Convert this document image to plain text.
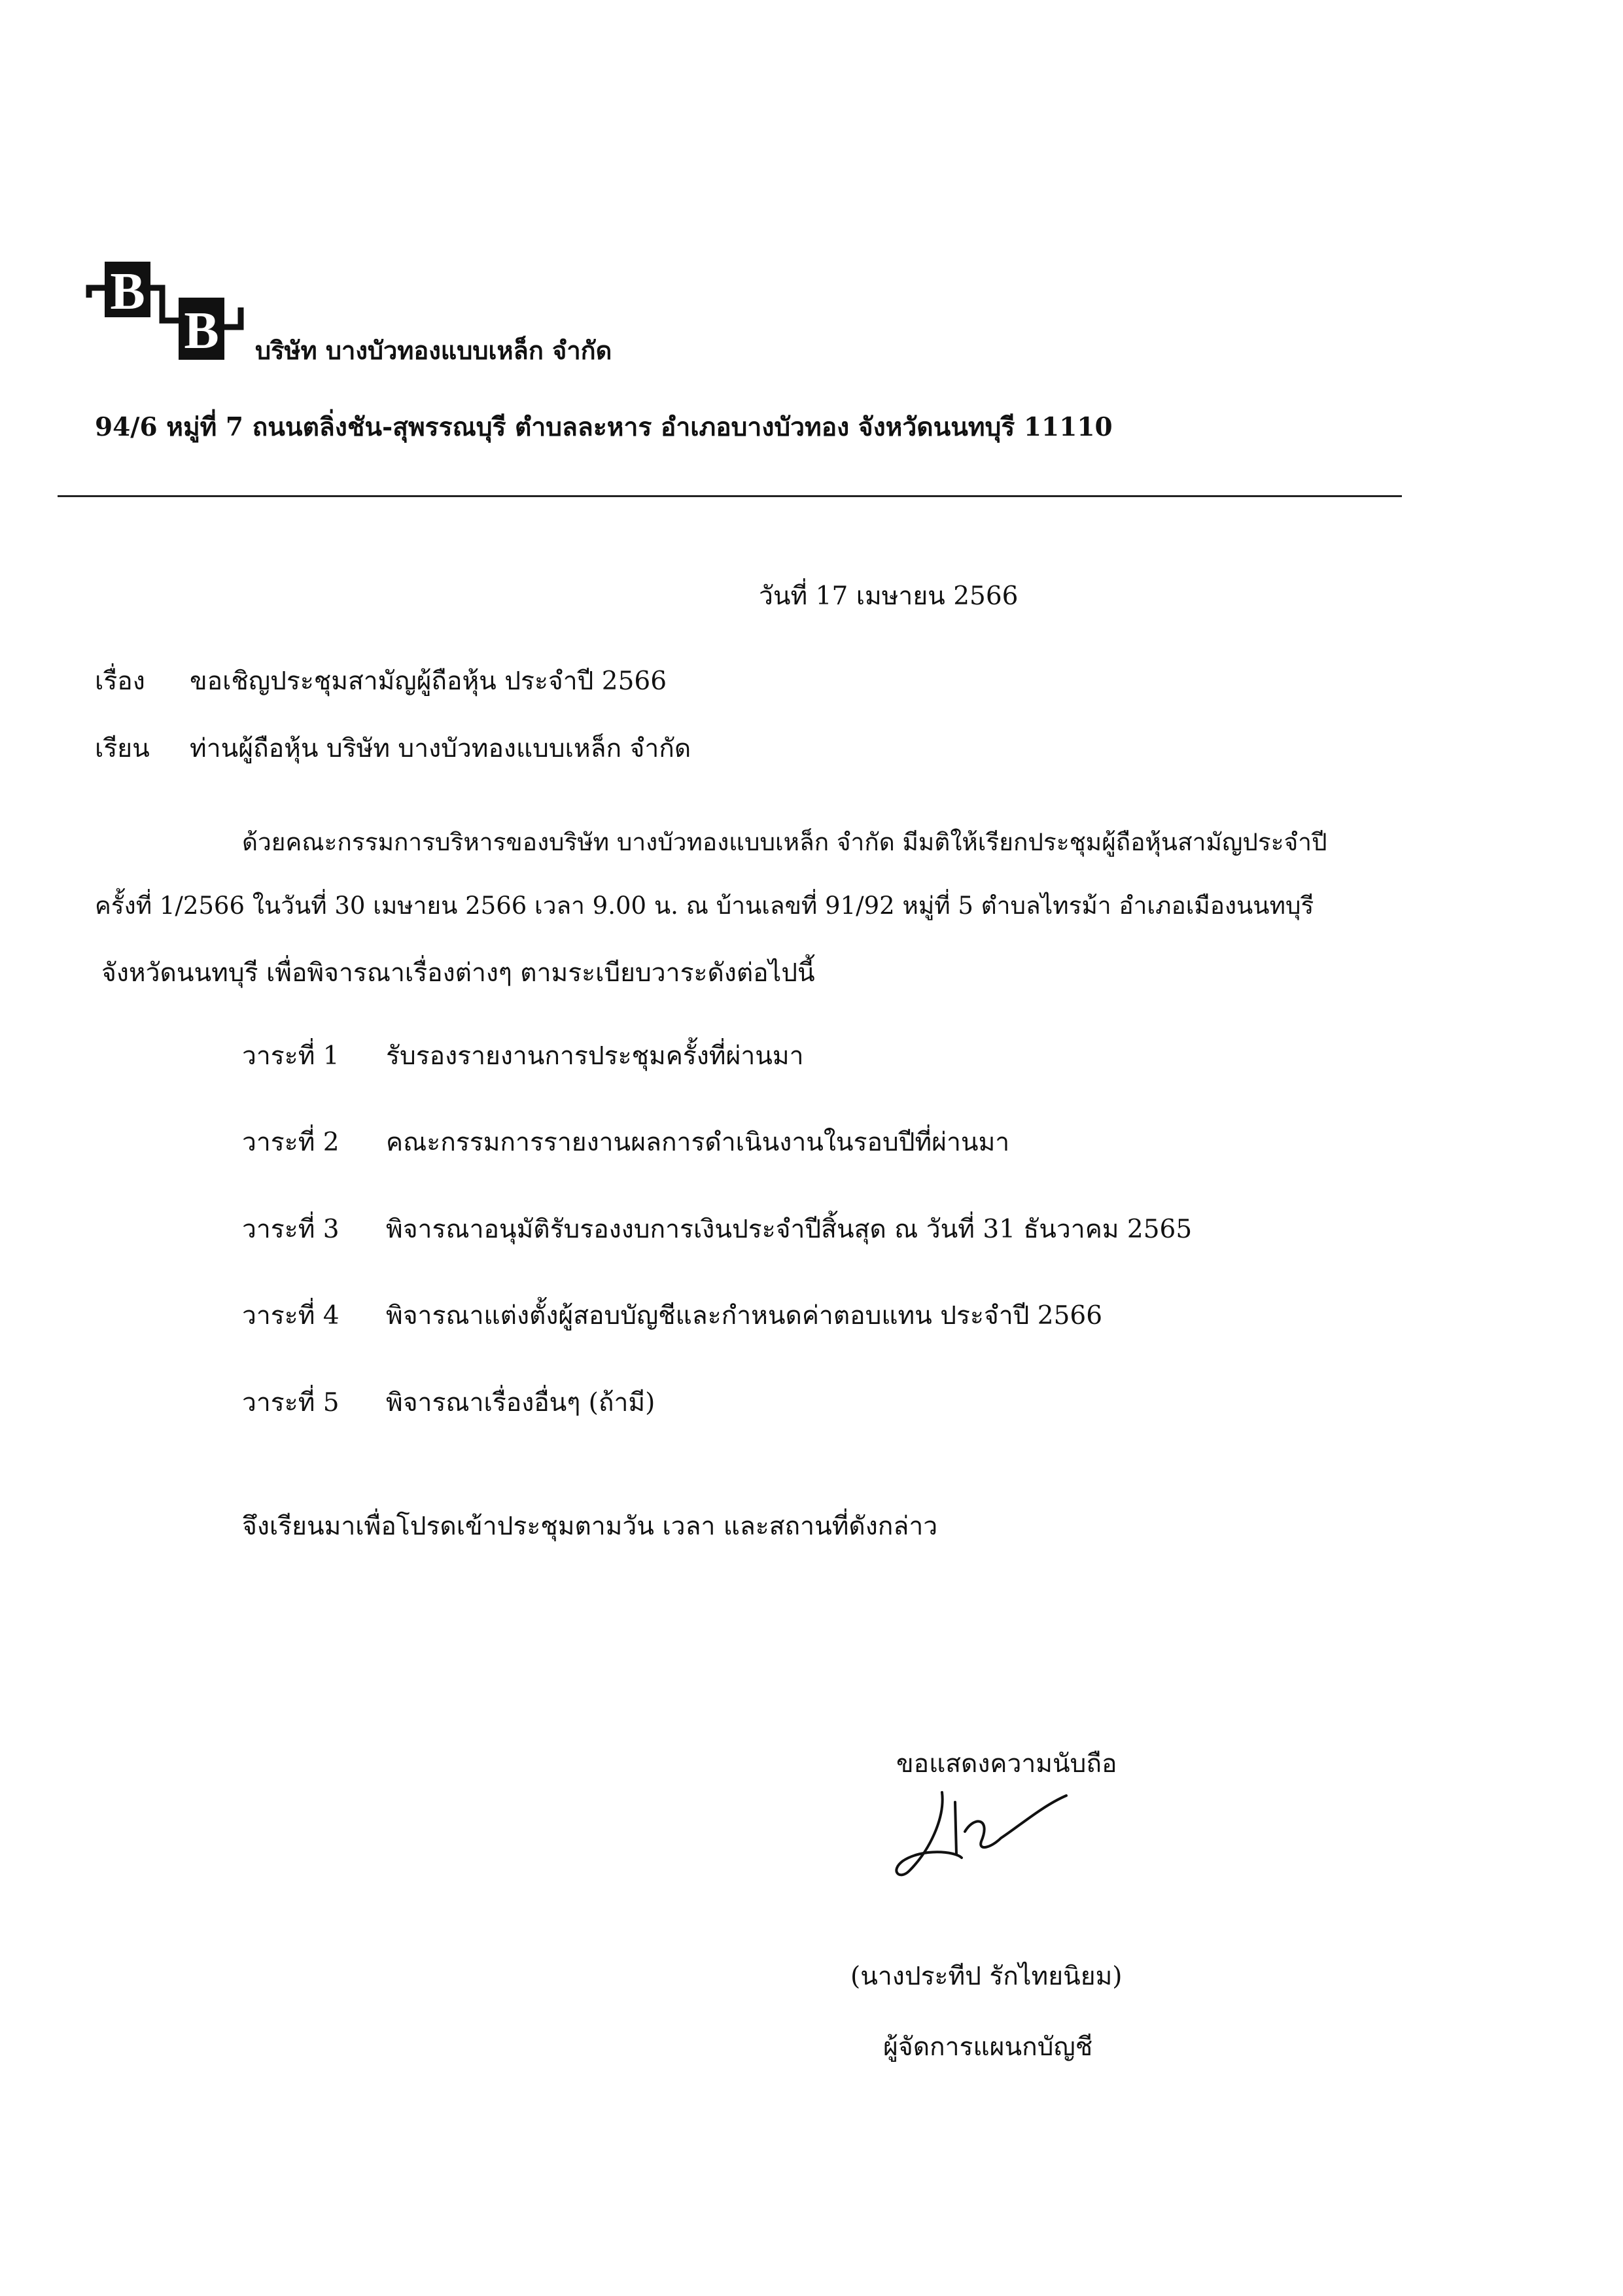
B
B บริษัท บางบัวทองแบบเหล็ก จำกัด
94/6 หมู่ที่ 7 ถนนตลิ่งชัน-สุพรรณบุรี ตำบลละหาร อำเภอบางบัวทอง จังหวัดนนทบุรี 11110
วันที่ 17 เมษายน 2566
เรื่อง ขอเชิญประชุมสามัญผู้ถือหุ้น ประจำปี 2566
เรียน ท่านผู้ถือหุ้น บริษัท บางบัวทองแบบเหล็ก จำกัด
ด้วยคณะกรรมการบริหารของบริษัท บางบัวทองแบบเหล็ก จำกัด มีมติให้เรียกประชุมผู้ถือหุ้นสามัญประจำปี
ครั้งที่ 1/2566 ในวันที่ 30 เมษายน 2566 เวลา 9.00 น. ณ บ้านเลขที่ 91/92 หมู่ที่ 5 ตำบลไทรม้า อำเภอเมืองนนทบุรี
จังหวัดนนทบุรี เพื่อพิจารณาเรื่องต่างๆ ตามระเบียบวาระดังต่อไปนี้
วาระที่ 1 รับรองรายงานการประชุมครั้งที่ผ่านมา
วาระที่ 2 คณะกรรมการรายงานผลการดำเนินงานในรอบปีที่ผ่านมา
วาระที่ 3 พิจารณาอนุมัติรับรองงบการเงินประจำปีสิ้นสุด ณ วันที่ 31 ธันวาคม 2565
วาระที่ 4 พิจารณาแต่งตั้งผู้สอบบัญชีและกำหนดค่าตอบแทน ประจำปี 2566
วาระที่ 5 พิจารณาเรื่องอื่นๆ (ถ้ามี)
จึงเรียนมาเพื่อโปรดเข้าประชุมตามวัน เวลา และสถานที่ดังกล่าว
ขอแสดงความนับถือ
(นางประทีป รักไทยนิยม)
ผู้จัดการแผนกบัญชี
